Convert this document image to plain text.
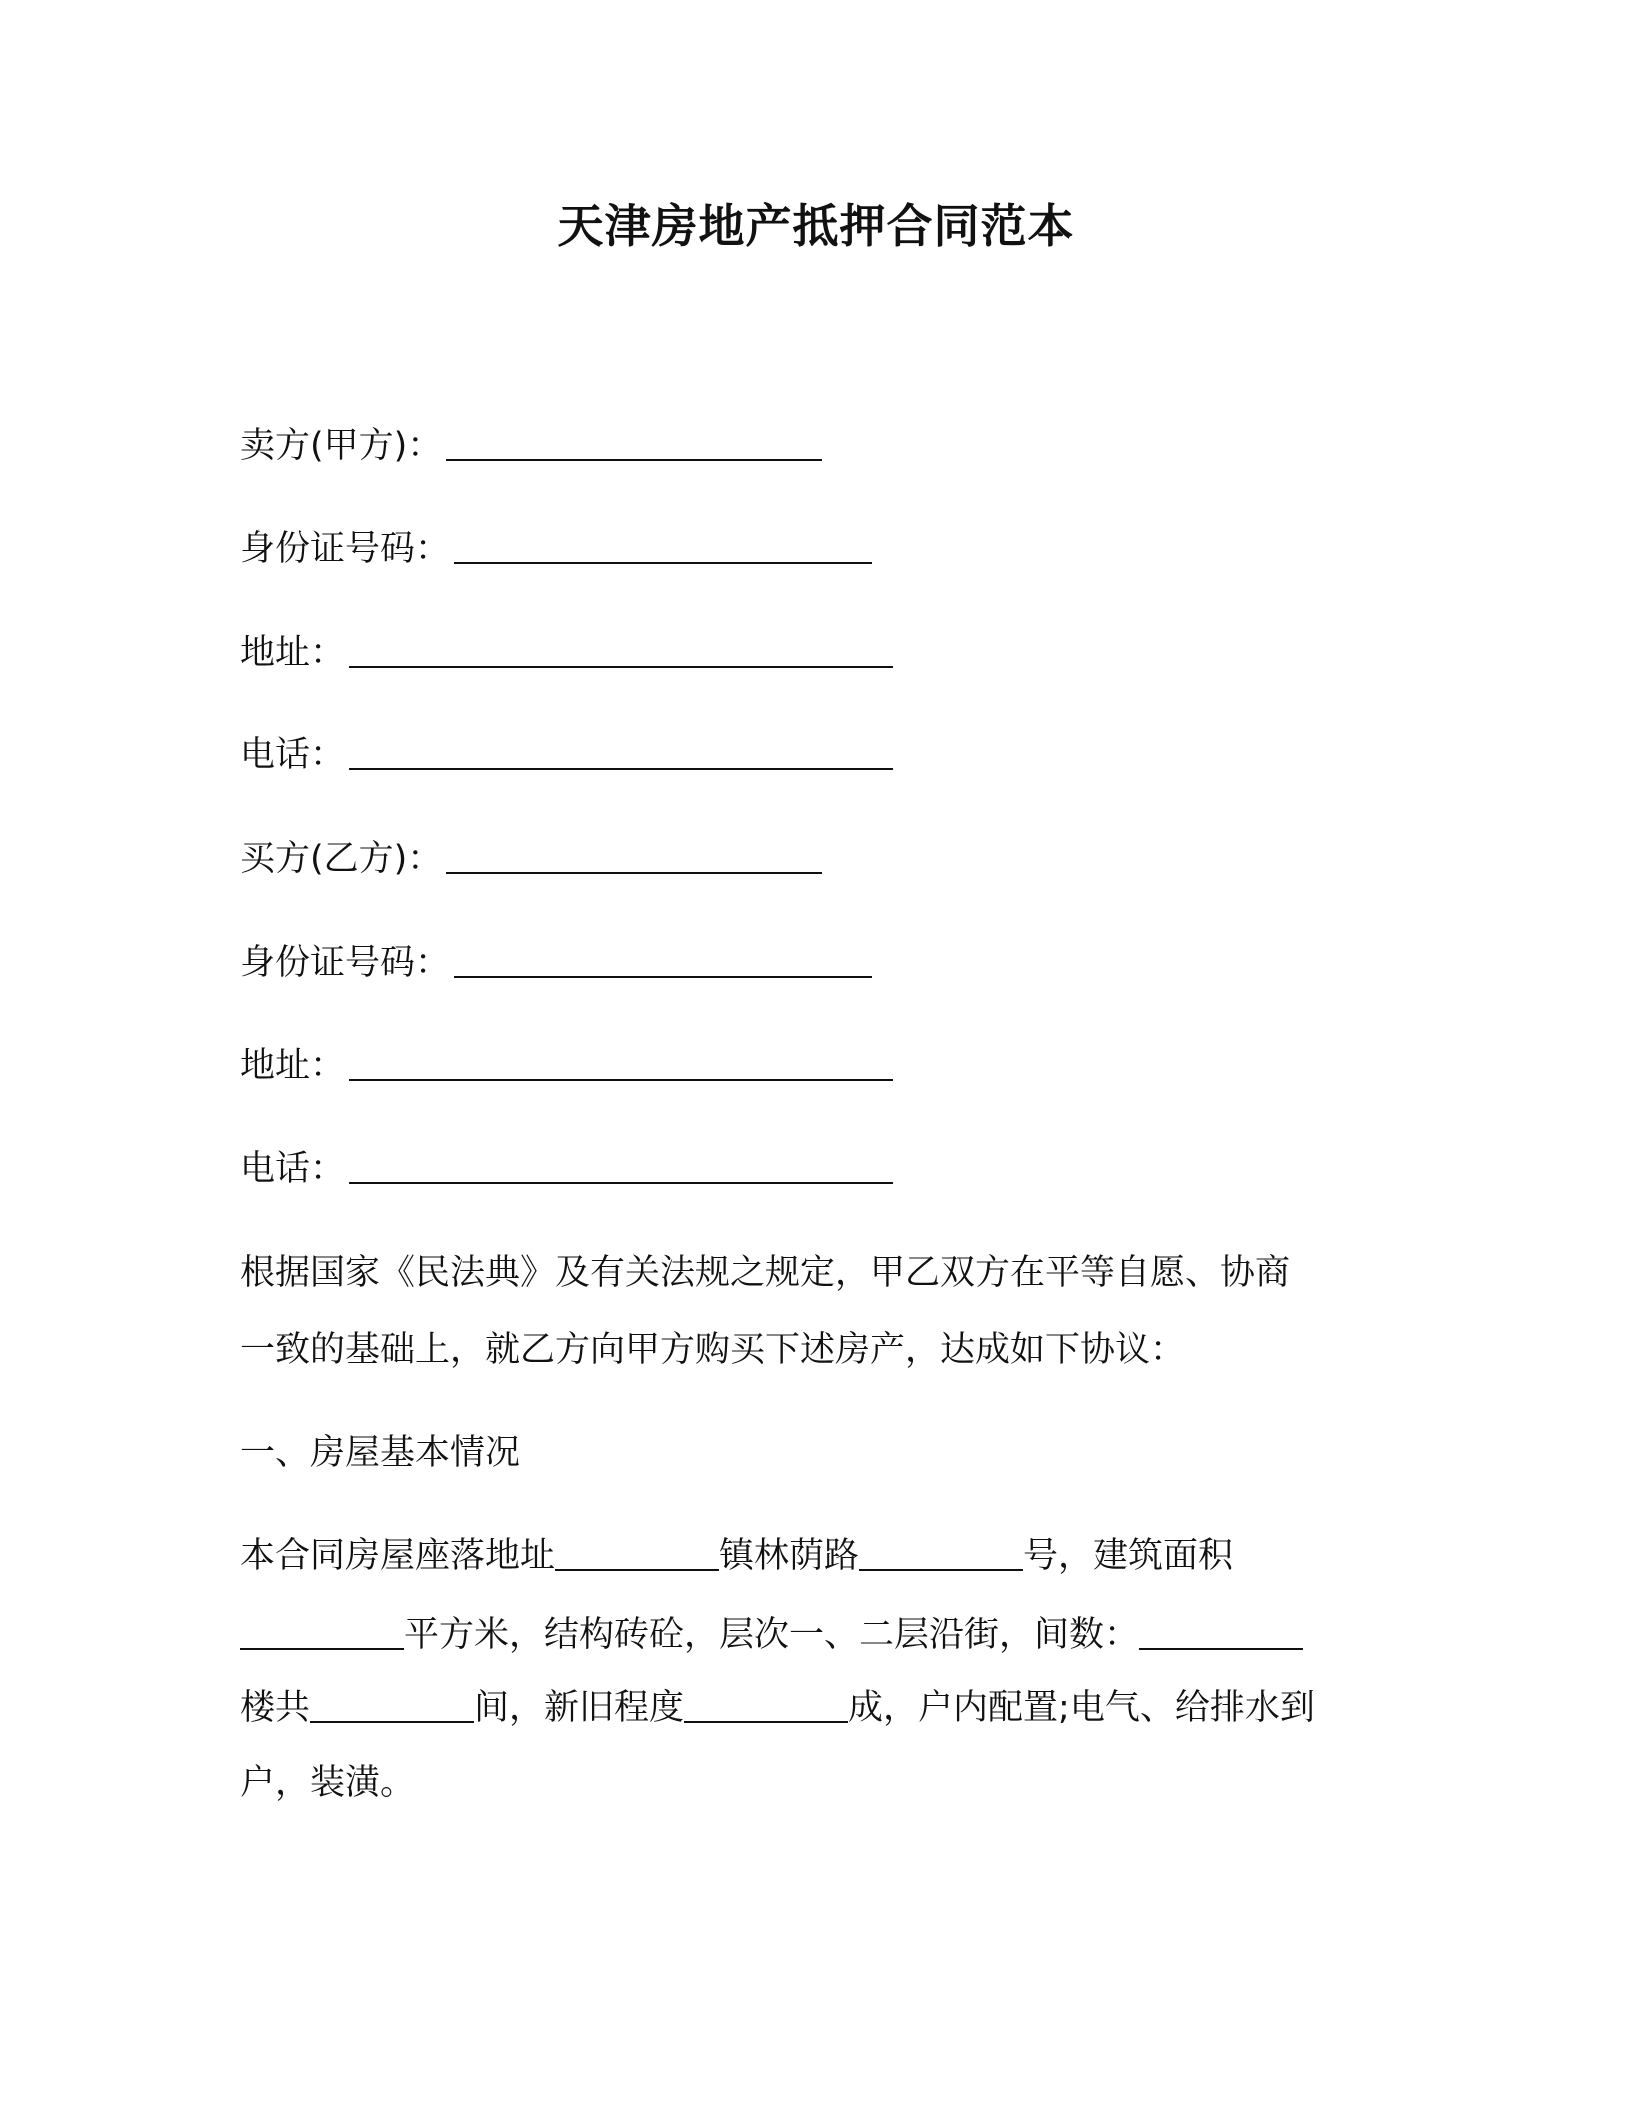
天津房地产抵押合同范本
卖方(甲方)：
身份证号码：
地址：
电话：
买方(乙方)：
身份证号码：
地址：
电话：
根据国家《民法典》及有关法规之规定，甲乙双方在平等自愿、协商
一致的基础上，就乙方向甲方购买下述房产，达成如下协议：
一、房屋基本情况
本合同房屋座落地址	镇林荫路	号，建筑面积
平方米，结构砖砼，层次一、二层沿街，间数：
楼共	间，新旧程度	成，户内配置;电气、给排水到
户，装潢。
